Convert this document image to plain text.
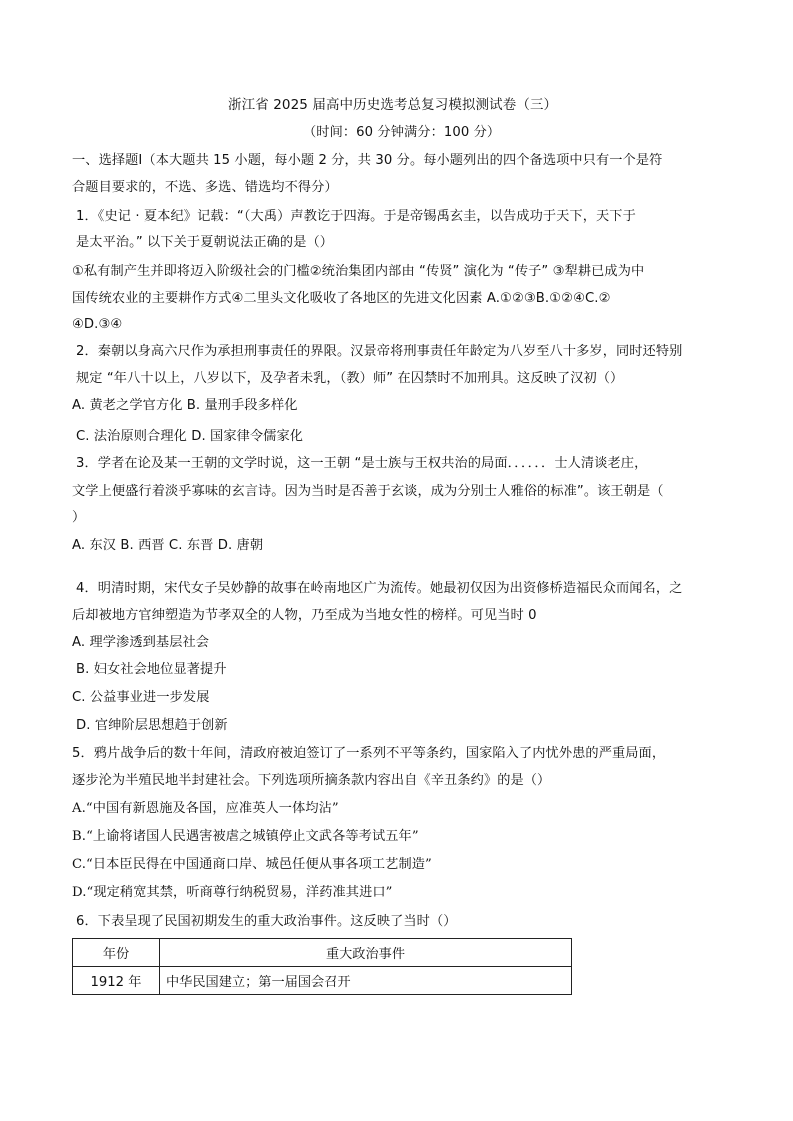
浙江省 2025 届高中历史选考总复习模拟测试卷（三）
（时间：60 分钟满分：100 分）
一、选择题Ⅰ（本大题共 15 小题，每小题 2 分，共 30 分。每小题列出的四个备选项中只有一个是符
合题目要求的，不选、多选、错选均不得分）
1．《史记 · 夏本纪》记载：“（大禹）声教讫于四海。于是帝锡禹玄圭，以告成功于天下，天下于
是太平治。” 以下关于夏朝说法正确的是（）
①私有制产生并即将迈入阶级社会的门槛②统治集团内部由 “传贤” 演化为 “传子” ③犁耕已成为中
国传统农业的主要耕作方式④二里头文化吸收了各地区的先进文化因素 A.①②③B.①②④C.②
④D.③④
2．秦朝以身高六尺作为承担刑事责任的界限。汉景帝将刑事责任年龄定为八岁至八十多岁，同时还特别
规定 “年八十以上，八岁以下，及孕者未乳，（教）师” 在囚禁时不加刑具。这反映了汉初（）
A. 黄老之学官方化 B. 量刑手段多样化
C. 法治原则合理化 D. 国家律令儒家化
3．学者在论及某一王朝的文学时说，这一王朝 “是士族与王权共治的局面．．．．．．士人清谈老庄，
文学上便盛行着淡乎寡味的玄言诗。因为当时是否善于玄谈，成为分别士人雅俗的标准”。该王朝是（
）
A. 东汉 B. 西晋 C. 东晋 D. 唐朝
4．明清时期，宋代女子吴妙静的故事在岭南地区广为流传。她最初仅因为出资修桥造福民众而闻名，之
后却被地方官绅塑造为节孝双全的人物，乃至成为当地女性的榜样。可见当时 0
A. 理学渗透到基层社会
B. 妇女社会地位显著提升
C. 公益事业进一步发展
D. 官绅阶层思想趋于创新
5．鸦片战争后的数十年间，清政府被迫签订了一系列不平等条约，国家陷入了内忧外患的严重局面，
逐步沦为半殖民地半封建社会。下列选项所摘条款内容出自《辛丑条约》的是（）
A.“中国有新恩施及各国，应准英人一体均沾”
B.“上谕将诸国人民遇害被虐之城镇停止文武各等考试五年”
C.“日本臣民得在中国通商口岸、城邑任便从事各项工艺制造”
D.“现定稍宽其禁，听商尊行纳税贸易，洋药准其进口”
6．下表呈现了民国初期发生的重大政治事件。这反映了当时（）
年份	重大政治事件
1912 年	中华民国建立；第一届国会召开
